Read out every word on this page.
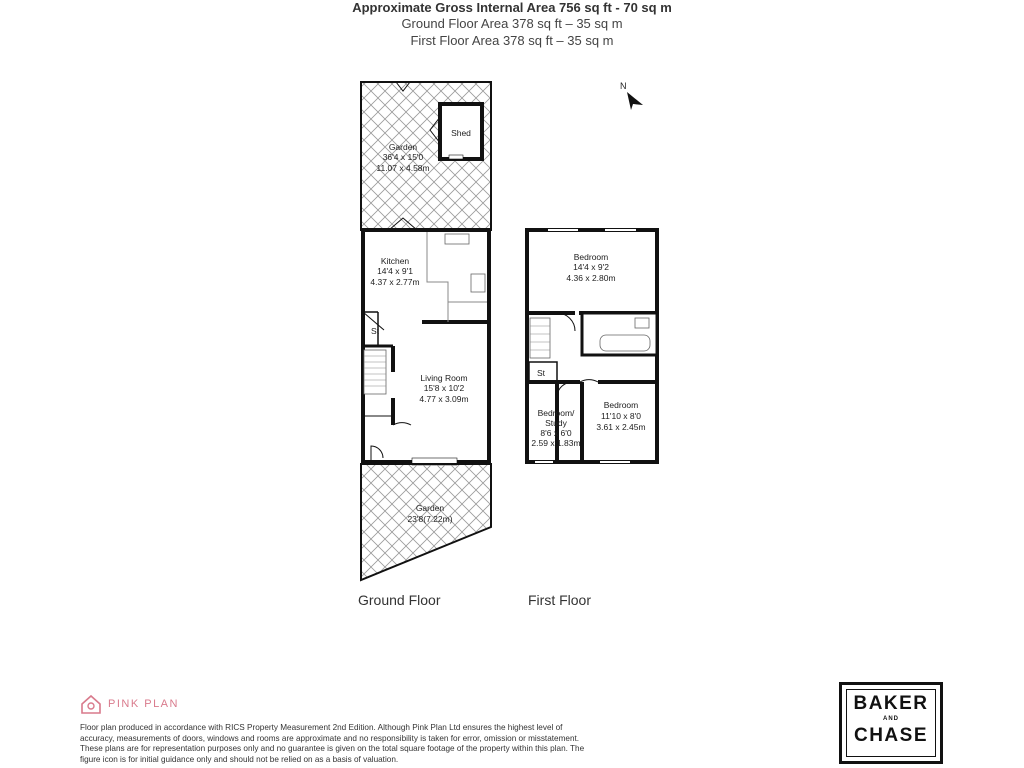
Approximate Gross Internal Area 756 sq ft - 70 sq m
Ground Floor Area 378 sq ft – 35 sq m
First Floor Area 378 sq ft – 35 sq m
N
Garden
36'4 x 15'0
11.07 x 4.58m
Shed
Kitchen
14'4 x 9'1
4.37 x 2.77m
St
Living Room
15'8 x 10'2
4.77 x 3.09m
Garden
23'8(7.22m)
Bedroom
14'4 x 9'2
4.36 x 2.80m
St
Bedroom/
Study
8'6 x 6'0
2.59 x 1.83m
Bedroom
11'10 x 8'0
3.61 x 2.45m
Ground Floor	First Floor
PINK PLAN
Floor plan produced in accordance with RICS Property Measurement 2nd Edition. Although Pink Plan Ltd ensures the highest level of accuracy, measurements of doors, windows and rooms are approximate and no responsibility is taken for error, omission or misstatement. These plans are for representation purposes only and no guarantee is given on the total square footage of the property within this plan. The figure icon is for initial guidance only and should not be relied on as a basis of valuation.
BAKER
AND
CHASE
